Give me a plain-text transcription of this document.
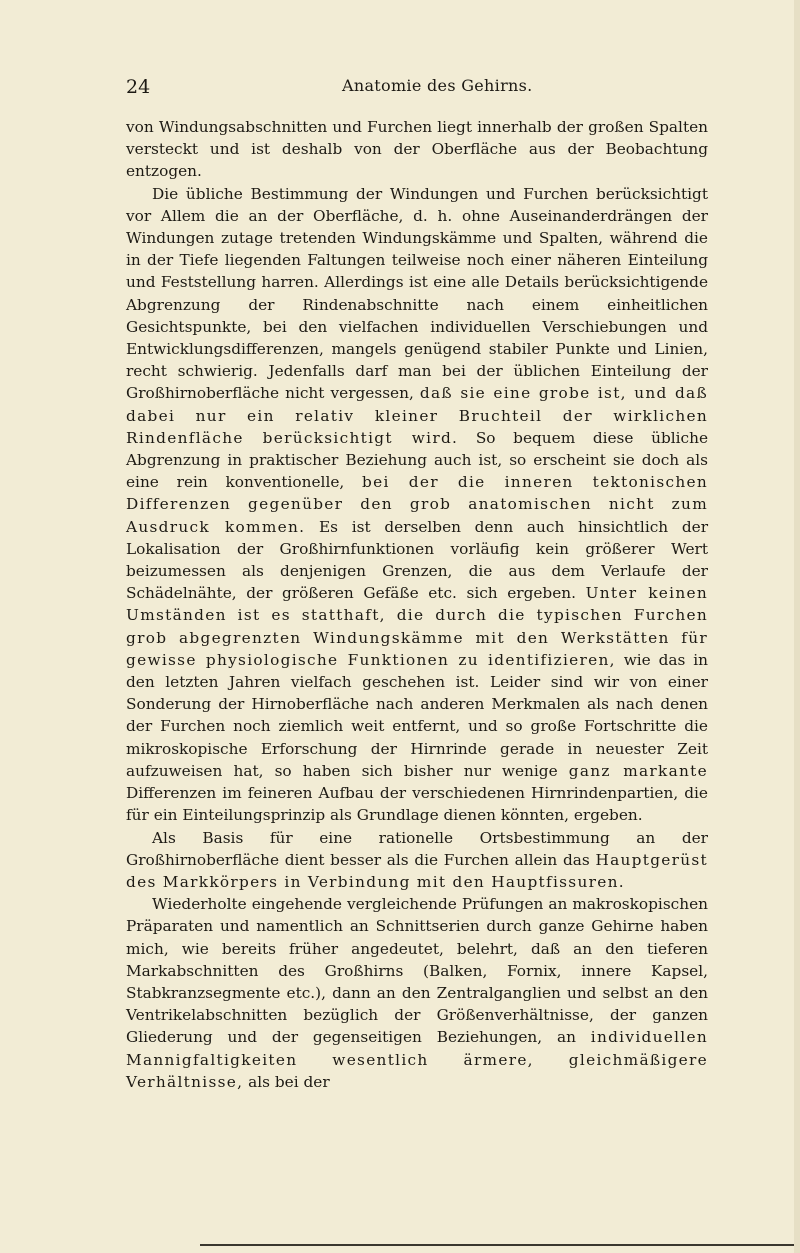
24	Anatomie des Gehirns.

von Windungsabschnitten und Furchen liegt innerhalb der großen Spalten versteckt und ist deshalb von der Oberfläche aus der Beobachtung entzogen.

Die übliche Bestimmung der Windungen und Furchen berücksichtigt vor Allem die an der Oberfläche, d. h. ohne Auseinanderdrängen der Windungen zutage tretenden Windungskämme und Spalten, während die in der Tiefe liegenden Faltungen teilweise noch einer näheren Einteilung und Feststellung harren. Allerdings ist eine alle Details berücksichtigende Abgrenzung der Rindenabschnitte nach einem einheitlichen Gesichtspunkte, bei den vielfachen individuellen Verschiebungen und Entwicklungsdifferenzen, mangels genügend stabiler Punkte und Linien, recht schwierig. Jedenfalls darf man bei der üblichen Einteilung der Großhirnoberfläche nicht vergessen, daß sie eine grobe ist, und daß dabei nur ein relativ kleiner Bruchteil der wirklichen Rindenfläche berücksichtigt wird. So bequem diese übliche Abgrenzung in praktischer Beziehung auch ist, so erscheint sie doch als eine rein konventionelle, bei der die inneren tektonischen Differenzen gegenüber den grob anatomischen nicht zum Ausdruck kommen. Es ist derselben denn auch hinsichtlich der Lokalisation der Großhirnfunktionen vorläufig kein größerer Wert beizumessen als denjenigen Grenzen, die aus dem Verlaufe der Schädelnähte, der größeren Gefäße etc. sich ergeben. Unter keinen Umständen ist es statthaft, die durch die typischen Furchen grob abgegrenzten Windungskämme mit den Werkstätten für gewisse physiologische Funktionen zu identifizieren, wie das in den letzten Jahren vielfach geschehen ist. Leider sind wir von einer Sonderung der Hirnoberfläche nach anderen Merkmalen als nach denen der Furchen noch ziemlich weit entfernt, und so große Fortschritte die mikroskopische Erforschung der Hirnrinde gerade in neuester Zeit aufzuweisen hat, so haben sich bisher nur wenige ganz markante Differenzen im feineren Aufbau der verschiedenen Hirnrindenpartien, die für ein Einteilungsprinzip als Grundlage dienen könnten, ergeben.

Als Basis für eine rationelle Ortsbestimmung an der Großhirnoberfläche dient besser als die Furchen allein das Hauptgerüst des Markkörpers in Verbindung mit den Hauptfissuren.

Wiederholte eingehende vergleichende Prüfungen an makroskopischen Präparaten und namentlich an Schnittserien durch ganze Gehirne haben mich, wie bereits früher angedeutet, belehrt, daß an den tieferen Markabschnitten des Großhirns (Balken, Fornix, innere Kapsel, Stabkranzsegmente etc.), dann an den Zentralganglien und selbst an den Ventrikelabschnitten bezüglich der Größenverhältnisse, der ganzen Gliederung und der gegenseitigen Beziehungen, an individuellen Mannigfaltigkeiten wesentlich ärmere, gleichmäßigere Verhältnisse, als bei der
